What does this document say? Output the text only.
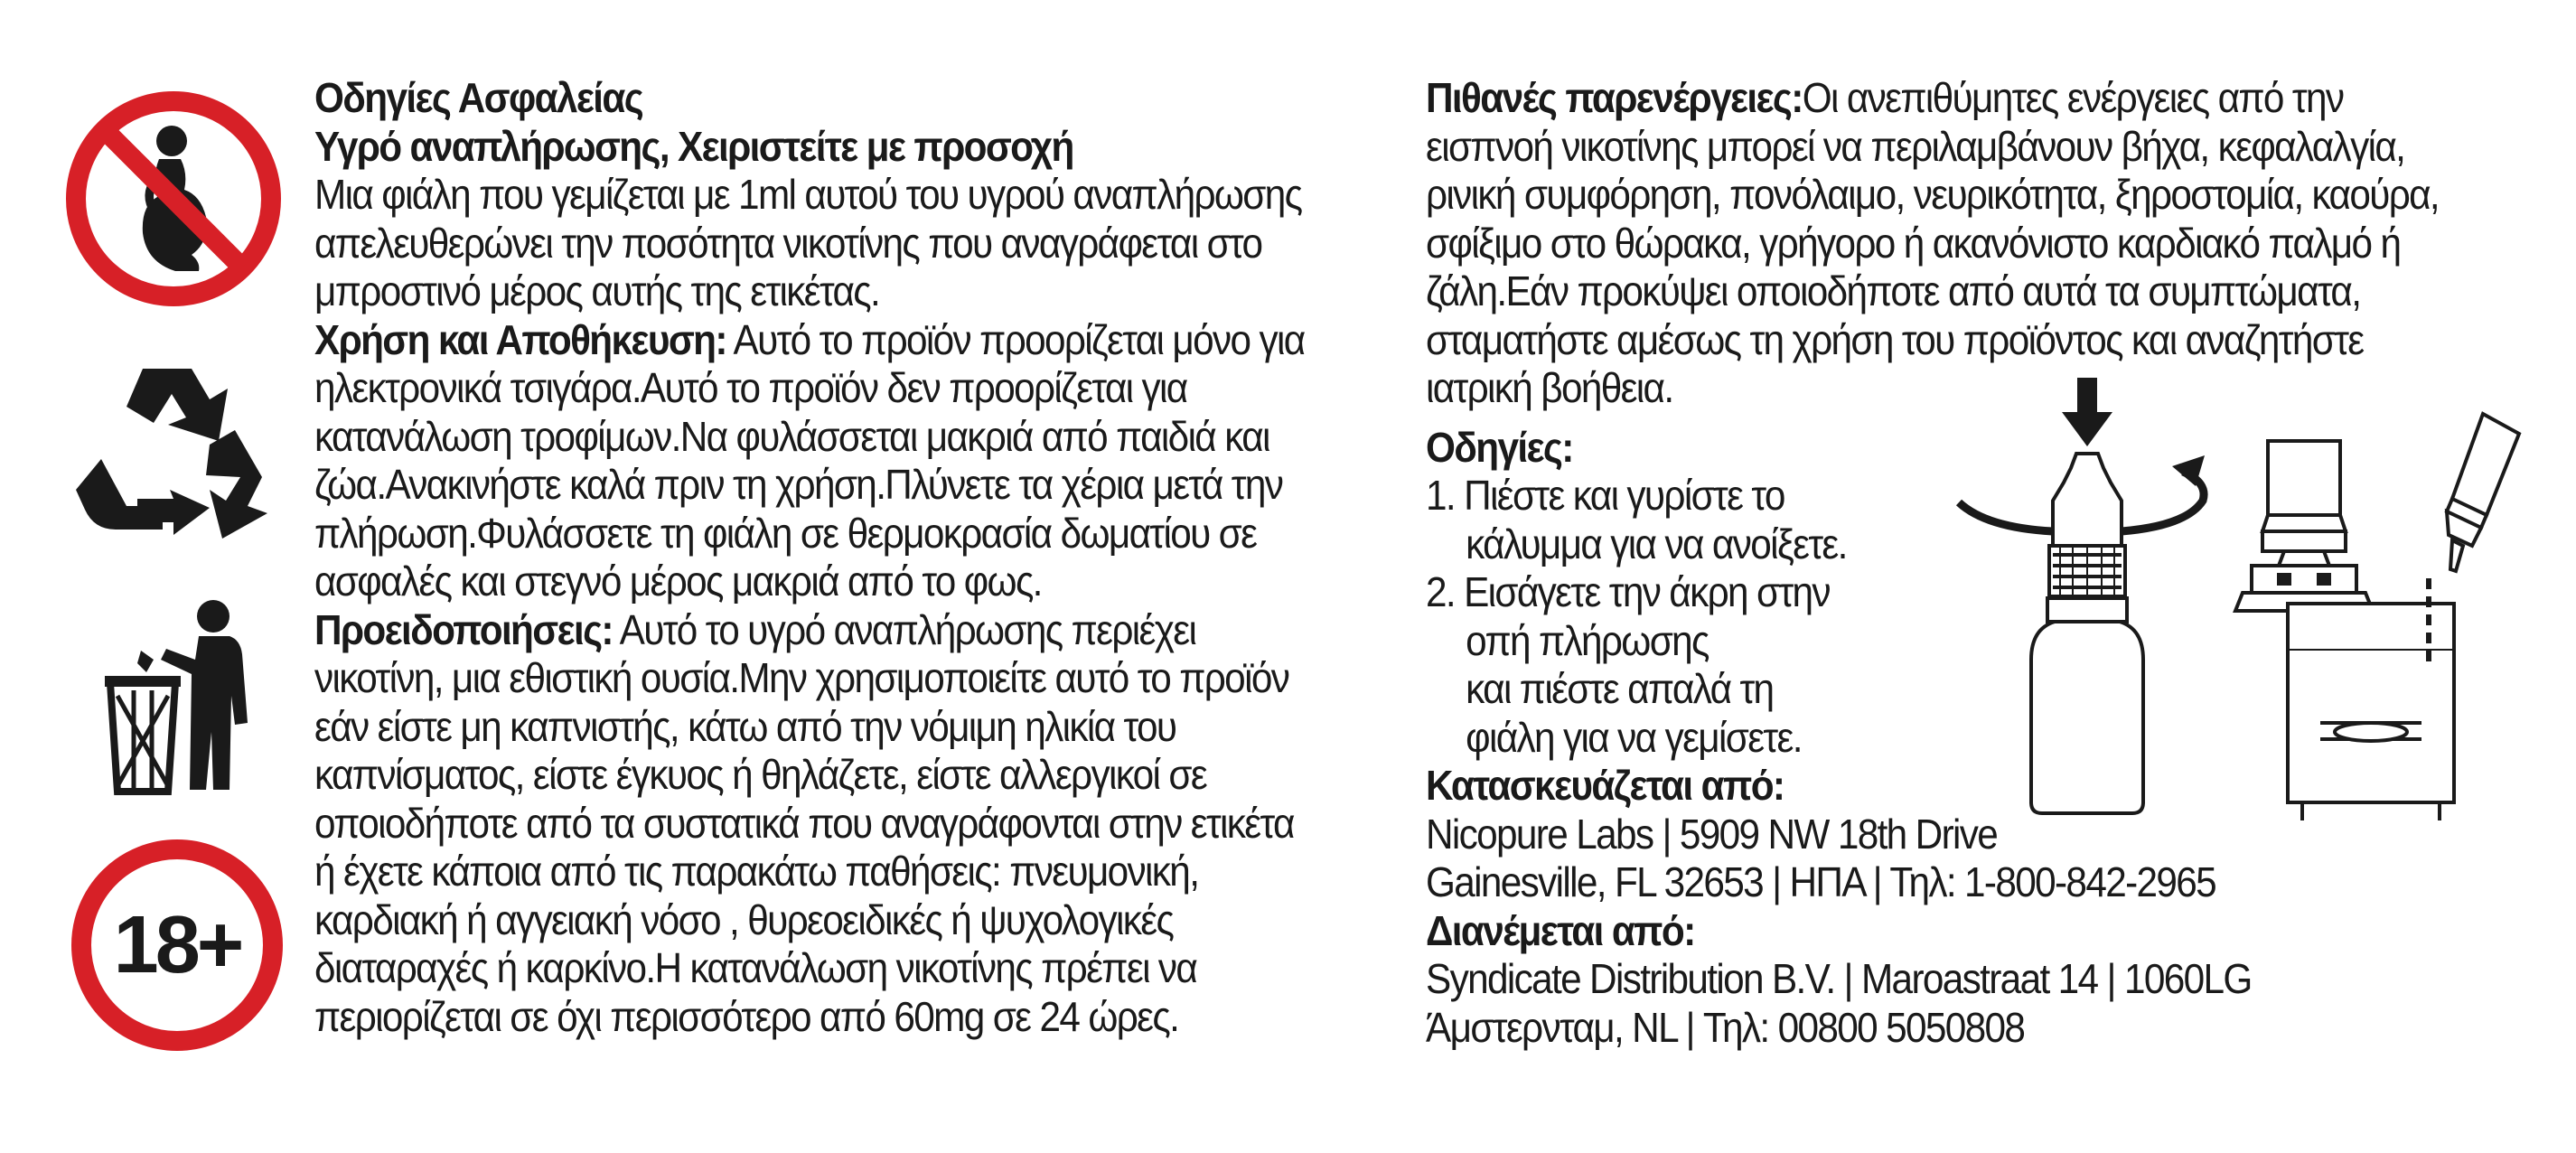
18+

Οδηγίες Ασφαλείας

Υγρό αναπλήρωσης, Χειριστείτε με προσοχή

Μια φιάλη που γεμίζεται με 1ml αυτού του υγρού αναπλήρωσης

απελευθερώνει την ποσότητα νικοτίνης που αναγράφεται στο

μπροστινό μέρος αυτής της ετικέτας.

Χρήση και Αποθήκευση: Αυτό το προϊόν προορίζεται μόνο για

ηλεκτρονικά τσιγάρα.Αυτό το προϊόν δεν προορίζεται για

κατανάλωση τροφίμων.Να φυλάσσεται μακριά από παιδιά και

ζώα.Ανακινήστε καλά πριν τη χρήση.Πλύνετε τα χέρια μετά την

πλήρωση.Φυλάσσετε τη φιάλη σε θερμοκρασία δωματίου σε

ασφαλές και στεγνό μέρος μακριά από το φως.

Προειδοποιήσεις: Αυτό το υγρό αναπλήρωσης περιέχει

νικοτίνη, μια εθιστική ουσία.Μην χρησιμοποιείτε αυτό το προϊόν

εάν είστε μη καπνιστής, κάτω από την νόμιμη ηλικία του

καπνίσματος, είστε έγκυος ή θηλάζετε, είστε αλλεργικοί σε

οποιοδήποτε από τα συστατικά που αναγράφονται στην ετικέτα

ή έχετε κάποια από τις παρακάτω παθήσεις: πνευμονική,

καρδιακή ή αγγειακή νόσο , θυρεοειδικές ή ψυχολογικές

διαταραχές ή καρκίνο.Η κατανάλωση νικοτίνης πρέπει να

περιορίζεται σε όχι περισσότερο από 60mg σε 24 ώρες.

Πιθανές παρενέργειες:Οι ανεπιθύμητες ενέργειες από την

εισπνοή νικοτίνης μπορεί να περιλαμβάνουν βήχα, κεφαλαλγία,

ρινική συμφόρηση, πονόλαιμο, νευρικότητα, ξηροστομία, καούρα,

σφίξιμο στο θώρακα, γρήγορο ή ακανόνιστο καρδιακό παλμό ή

ζάλη.Εάν προκύψει οποιοδήποτε από αυτά τα συμπτώματα,

σταματήστε αμέσως τη χρήση του προϊόντος και αναζητήστε

ιατρική βοήθεια.

Οδηγίες:

1. Πιέστε και γυρίστε το

κάλυμμα για να ανοίξετε.

2. Εισάγετε την άκρη στην

οπή πλήρωσης

και πιέστε απαλά τη

φιάλη για να γεμίσετε.

Κατασκευάζεται από:

Nicopure Labs | 5909 NW 18th Drive

Gainesville, FL 32653 | ΗΠΑ | Τηλ: 1-800-842-2965

Διανέμεται από:

Syndicate Distribution B.V. | Maroastraat 14 | 1060LG

Άμστερνταμ, NL | Τηλ: 00800 5050808
